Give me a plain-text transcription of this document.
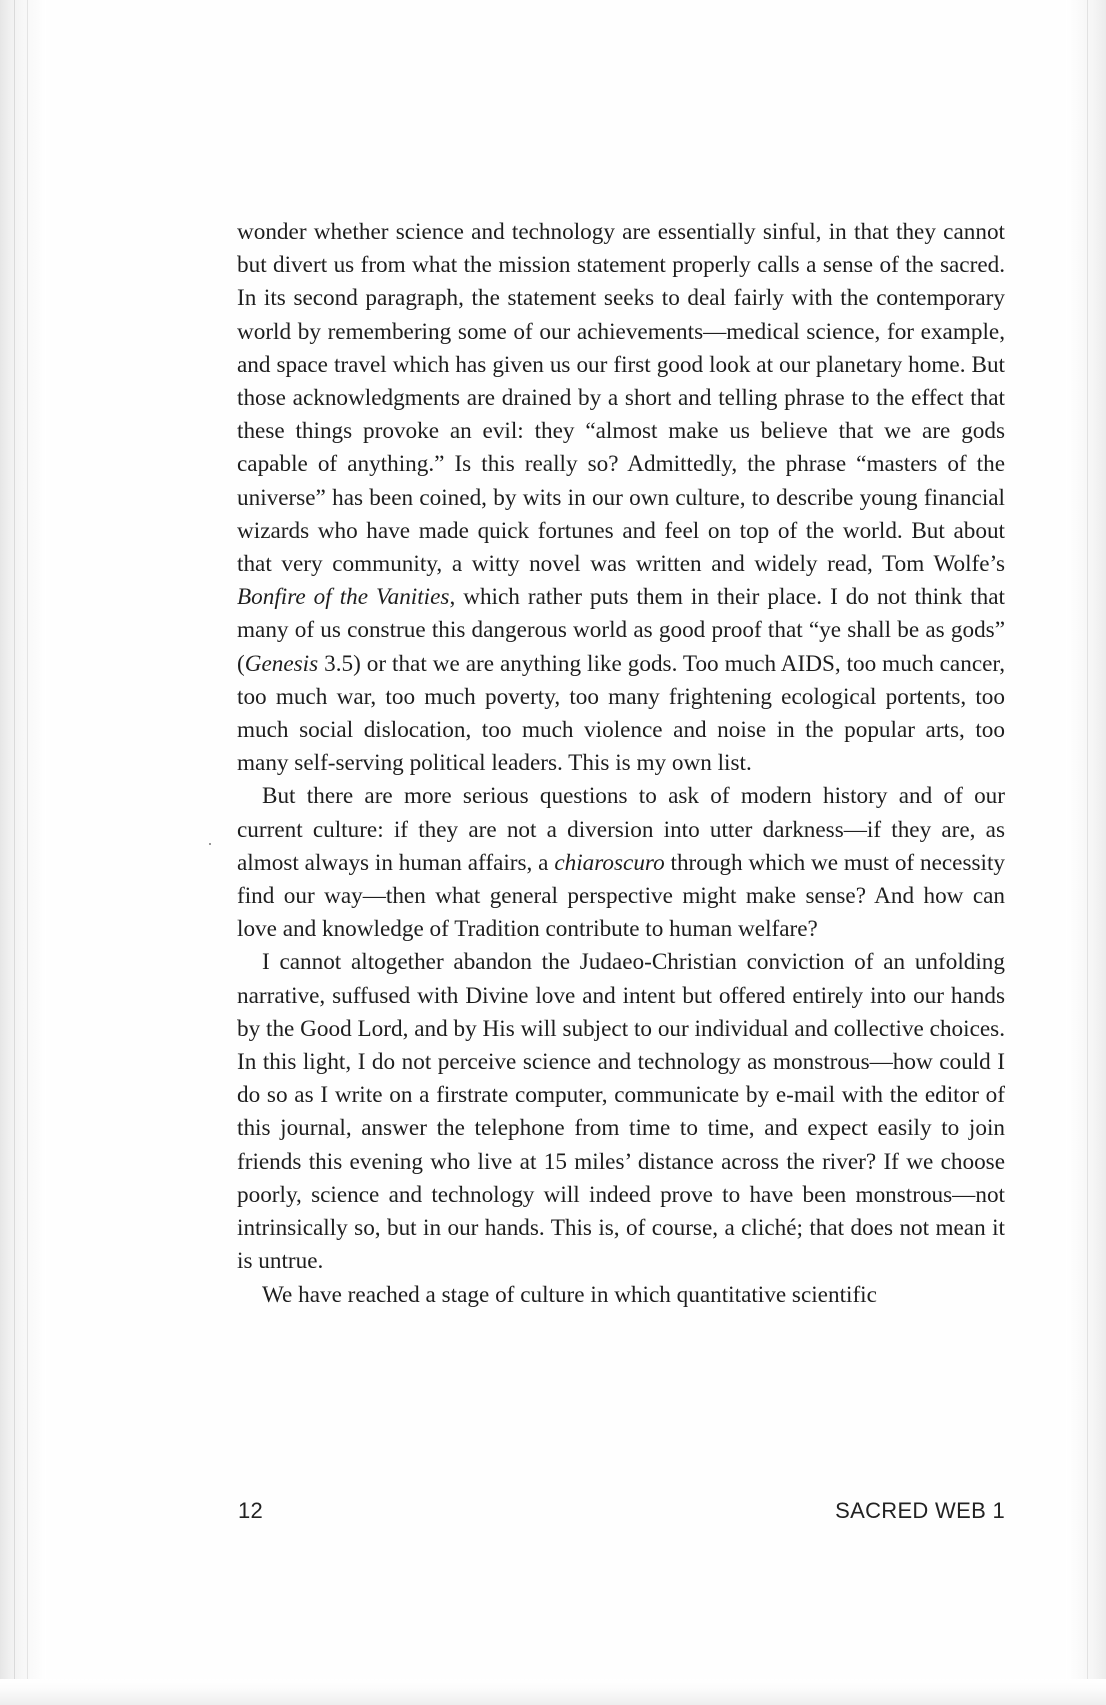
wonder whether science and technology are essentially sinful, in that they cannot but divert us from what the mission statement properly calls a sense of the sacred. In its second paragraph, the statement seeks to deal fairly with the contemporary world by remembering some of our achievements—medical science, for example, and space travel which has given us our first good look at our planetary home. But those acknowledgments are drained by a short and telling phrase to the effect that these things provoke an evil: they “almost make us believe that we are gods capable of anything.” Is this really so? Admittedly, the phrase “masters of the universe” has been coined, by wits in our own culture, to describe young financial wizards who have made quick fortunes and feel on top of the world. But about that very community, a witty novel was written and widely read, Tom Wolfe’s Bonfire of the Vanities, which rather puts them in their place. I do not think that many of us construe this dangerous world as good proof that “ye shall be as gods” (Genesis 3.5) or that we are anything like gods. Too much AIDS, too much cancer, too much war, too much poverty, too many frightening ecological portents, too much social dislocation, too much violence and noise in the popular arts, too many self-serving political leaders. This is my own list.

But there are more serious questions to ask of modern history and of our current culture: if they are not a diversion into utter darkness—if they are, as almost always in human affairs, a chiaroscuro through which we must of necessity find our way—then what general perspective might make sense? And how can love and knowledge of Tradition contribute to human welfare?

I cannot altogether abandon the Judaeo-Christian conviction of an unfolding narrative, suffused with Divine love and intent but offered entirely into our hands by the Good Lord, and by His will subject to our individual and collective choices. In this light, I do not perceive science and technology as monstrous—how could I do so as I write on a firstrate computer, communicate by e-mail with the editor of this journal, answer the telephone from time to time, and expect easily to join friends this evening who live at 15 miles’ distance across the river? If we choose poorly, science and technology will indeed prove to have been monstrous—not intrinsically so, but in our hands. This is, of course, a cliché; that does not mean it is untrue.

We have reached a stage of culture in which quantitative scientific

12	SACRED WEB 1
